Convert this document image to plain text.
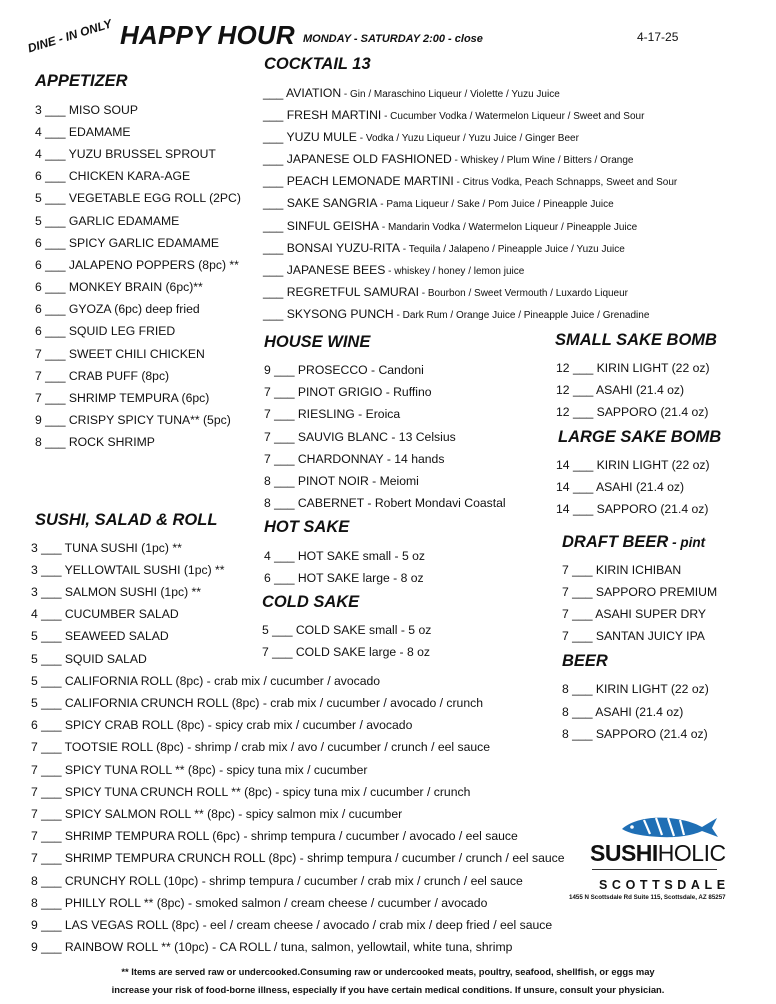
DINE - IN ONLY HAPPY HOUR MONDAY - SATURDAY 2:00 - close	4-17-25
APPETIZER
3 ___ MISO SOUP
4 ___ EDAMAME
4 ___ YUZU BRUSSEL SPROUT
6 ___ CHICKEN KARA-AGE
5 ___ VEGETABLE EGG ROLL (2PC)
5 ___ GARLIC EDAMAME
6 ___ SPICY GARLIC EDAMAME
6 ___ JALAPENO POPPERS (8pc) **
6 ___ MONKEY BRAIN (6pc)**
6 ___ GYOZA (6pc) deep fried
6 ___ SQUID LEG FRIED
7 ___ SWEET CHILI CHICKEN
7 ___ CRAB PUFF (8pc)
7 ___ SHRIMP TEMPURA (6pc)
9 ___ CRISPY SPICY TUNA** (5pc)
8 ___ ROCK SHRIMP
SUSHI, SALAD & ROLL
3 ___ TUNA SUSHI (1pc) **
3 ___ YELLOWTAIL SUSHI (1pc) **
3 ___ SALMON SUSHI (1pc) **
4 ___ CUCUMBER SALAD
5 ___ SEAWEED SALAD
5 ___ SQUID SALAD
5 ___ CALIFORNIA ROLL (8pc) - crab mix / cucumber / avocado
5 ___ CALIFORNIA CRUNCH ROLL (8pc) - crab mix / cucumber / avocado / crunch
6 ___ SPICY CRAB ROLL (8pc) - spicy crab mix / cucumber / avocado
7 ___ TOOTSIE ROLL (8pc) - shrimp / crab mix / avo / cucumber / crunch / eel sauce
7 ___ SPICY TUNA ROLL ** (8pc) - spicy tuna mix / cucumber
7 ___ SPICY TUNA CRUNCH ROLL ** (8pc) - spicy tuna mix / cucumber / crunch
7 ___ SPICY SALMON ROLL ** (8pc) - spicy salmon mix / cucumber
7 ___ SHRIMP TEMPURA ROLL (6pc) - shrimp tempura / cucumber / avocado / eel sauce
7 ___ SHRIMP TEMPURA CRUNCH ROLL (8pc) - shrimp tempura / cucumber / crunch / eel sauce
8 ___ CRUNCHY ROLL (10pc) - shrimp tempura / cucumber / crab mix / crunch / eel sauce
8 ___ PHILLY ROLL ** (8pc) - smoked salmon / cream cheese / cucumber / avocado
9 ___ LAS VEGAS ROLL (8pc) - eel / cream cheese / avocado / crab mix / deep fried / eel sauce
9 ___ RAINBOW ROLL ** (10pc) - CA ROLL / tuna, salmon, yellowtail, white tuna, shrimp
COCKTAIL 13
___ AVIATION - Gin / Maraschino Liqueur / Violette / Yuzu Juice
___ FRESH MARTINI - Cucumber Vodka / Watermelon Liqueur / Sweet and Sour
___ YUZU MULE - Vodka / Yuzu Liqueur / Yuzu Juice / Ginger Beer
___ JAPANESE OLD FASHIONED - Whiskey / Plum Wine / Bitters / Orange
___ PEACH LEMONADE MARTINI - Citrus Vodka, Peach Schnapps, Sweet and Sour
___ SAKE SANGRIA - Pama Liqueur / Sake / Pom Juice / Pineapple Juice
___ SINFUL GEISHA - Mandarin Vodka / Watermelon Liqueur / Pineapple Juice
___ BONSAI YUZU-RITA - Tequila / Jalapeno / Pineapple Juice / Yuzu Juice
___ JAPANESE BEES - whiskey / honey / lemon juice
___ REGRETFUL SAMURAI - Bourbon / Sweet Vermouth / Luxardo Liqueur
___ SKYSONG PUNCH - Dark Rum / Orange Juice / Pineapple Juice / Grenadine
HOUSE WINE
9 ___ PROSECCO - Candoni
7 ___ PINOT GRIGIO - Ruffino
7 ___ RIESLING - Eroica
7 ___ SAUVIG BLANC - 13 Celsius
7 ___ CHARDONNAY - 14 hands
8 ___ PINOT NOIR - Meiomi
8 ___ CABERNET - Robert Mondavi Coastal
HOT SAKE
4 ___ HOT SAKE small - 5 oz
6 ___ HOT SAKE large - 8 oz
COLD SAKE
5 ___ COLD SAKE small - 5 oz
7 ___ COLD SAKE large - 8 oz
SMALL SAKE BOMB
12 ___ KIRIN LIGHT (22 oz)
12 ___ ASAHI (21.4 oz)
12 ___ SAPPORO (21.4 oz)
LARGE SAKE BOMB
14 ___ KIRIN LIGHT (22 oz)
14 ___ ASAHI (21.4 oz)
14 ___ SAPPORO (21.4 oz)
DRAFT BEER - pint
7 ___ KIRIN ICHIBAN
7 ___ SAPPORO PREMIUM
7 ___ ASAHI SUPER DRY
7 ___ SANTAN JUICY IPA
BEER
8 ___ KIRIN LIGHT (22 oz)
8 ___ ASAHI (21.4 oz)
8 ___ SAPPORO (21.4 oz)
SUSHIHOLIC
SCOTTSDALE
1455 N Scottsdale Rd Suite 115, Scottsdale, AZ 85257
** Items are served raw or undercooked.Consuming raw or undercooked meats, poultry, seafood, shellfish, or eggs may
increase your risk of food-borne illness, especially if you have certain medical conditions. If unsure, consult your physician.
